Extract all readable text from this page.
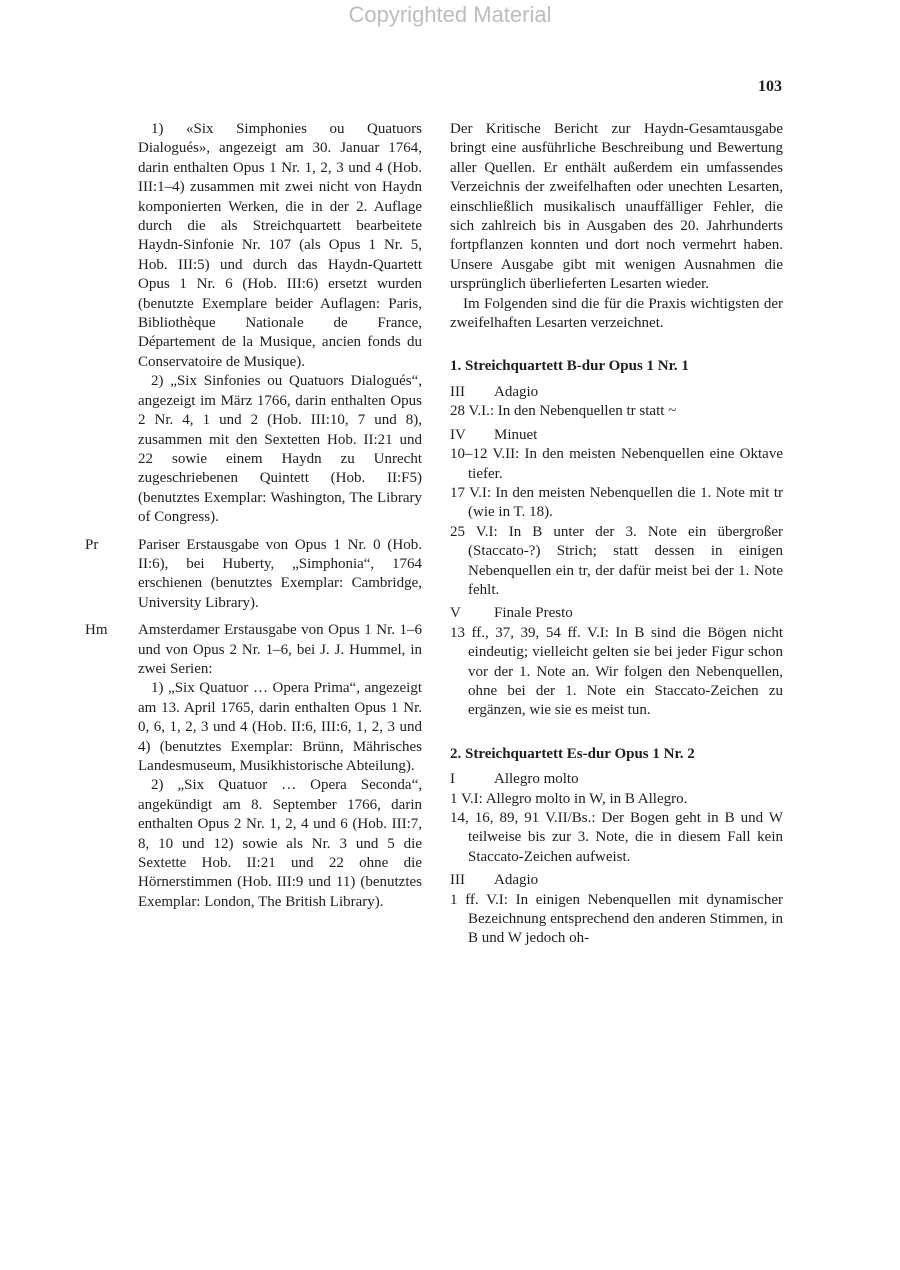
Copyrighted Material
103
1) «Six Simphonies ou Quatuors Dialogués», angezeigt am 30. Januar 1764, darin enthalten Opus 1 Nr. 1, 2, 3 und 4 (Hob. III:1–4) zusammen mit zwei nicht von Haydn komponierten Werken, die in der 2. Auflage durch die als Streichquartett bearbeitete Haydn-Sinfonie Nr. 107 (als Opus 1 Nr. 5, Hob. III:5) und durch das Haydn-Quartett Opus 1 Nr. 6 (Hob. III:6) ersetzt wurden (benutzte Exemplare beider Auflagen: Paris, Bibliothèque Nationale de France, Département de la Musique, ancien fonds du Conservatoire de Musique).
2) „Six Sinfonies ou Quatuors Dialogués“, angezeigt im März 1766, darin enthalten Opus 2 Nr. 4, 1 und 2 (Hob. III:10, 7 und 8), zusammen mit den Sextetten Hob. II:21 und 22 sowie einem Haydn zu Unrecht zugeschriebenen Quintett (Hob. II:F5) (benutztes Exemplar: Washington, The Library of Congress).
Pr	Pariser Erstausgabe von Opus 1 Nr. 0 (Hob. II:6), bei Huberty, „Simphonia“, 1764 erschienen (benutztes Exemplar: Cambridge, University Library).
Hm	Amsterdamer Erstausgabe von Opus 1 Nr. 1–6 und von Opus 2 Nr. 1–6, bei J. J. Hummel, in zwei Serien:
1) „Six Quatuor … Opera Prima“, angezeigt am 13. April 1765, darin enthalten Opus 1 Nr. 0, 6, 1, 2, 3 und 4 (Hob. II:6, III:6, 1, 2, 3 und 4) (benutztes Exemplar: Brünn, Mährisches Landesmuseum, Musikhistorische Abteilung).
2) „Six Quatuor … Opera Seconda“, angekündigt am 8. September 1766, darin enthalten Opus 2 Nr. 1, 2, 4 und 6 (Hob. III:7, 8, 10 und 12) sowie als Nr. 3 und 5 die Sextette Hob. II:21 und 22 ohne die Hörnerstimmen (Hob. III:9 und 11) (benutztes Exemplar: London, The British Library).
Der Kritische Bericht zur Haydn-Gesamtausgabe bringt eine ausführliche Beschreibung und Bewertung aller Quellen. Er enthält außerdem ein umfassendes Verzeichnis der zweifelhaften oder unechten Lesarten, einschließlich musikalisch unauffälliger Fehler, die sich zahlreich bis in Ausgaben des 20. Jahrhunderts fortpflanzen konnten und dort noch vermehrt haben. Unsere Ausgabe gibt mit wenigen Ausnahmen die ursprünglich überlieferten Lesarten wieder.
Im Folgenden sind die für die Praxis wichtigsten der zweifelhaften Lesarten verzeichnet.
1. Streichquartett B-dur Opus 1 Nr. 1
III	Adagio
28 V.I.: In den Nebenquellen tr statt ~
IV	Minuet
10–12 V.II: In den meisten Nebenquellen eine Oktave tiefer.
17 V.I: In den meisten Nebenquellen die 1. Note mit tr (wie in T. 18).
25 V.I: In B unter der 3. Note ein übergroßer (Staccato-?) Strich; statt dessen in einigen Nebenquellen ein tr, der dafür meist bei der 1. Note fehlt.
V	Finale Presto
13 ff., 37, 39, 54 ff. V.I: In B sind die Bögen nicht eindeutig; vielleicht gelten sie bei jeder Figur schon vor der 1. Note an. Wir folgen den Nebenquellen, ohne bei der 1. Note ein Staccato-Zeichen zu ergänzen, wie sie es meist tun.
2. Streichquartett Es-dur Opus 1 Nr. 2
I	Allegro molto
1 V.I: Allegro molto in W, in B Allegro.
14, 16, 89, 91 V.II/Bs.: Der Bogen geht in B und W teilweise bis zur 3. Note, die in diesem Fall kein Staccato-Zeichen aufweist.
III	Adagio
1 ff. V.I: In einigen Nebenquellen mit dynamischer Bezeichnung entsprechend den anderen Stimmen, in B und W jedoch oh-
